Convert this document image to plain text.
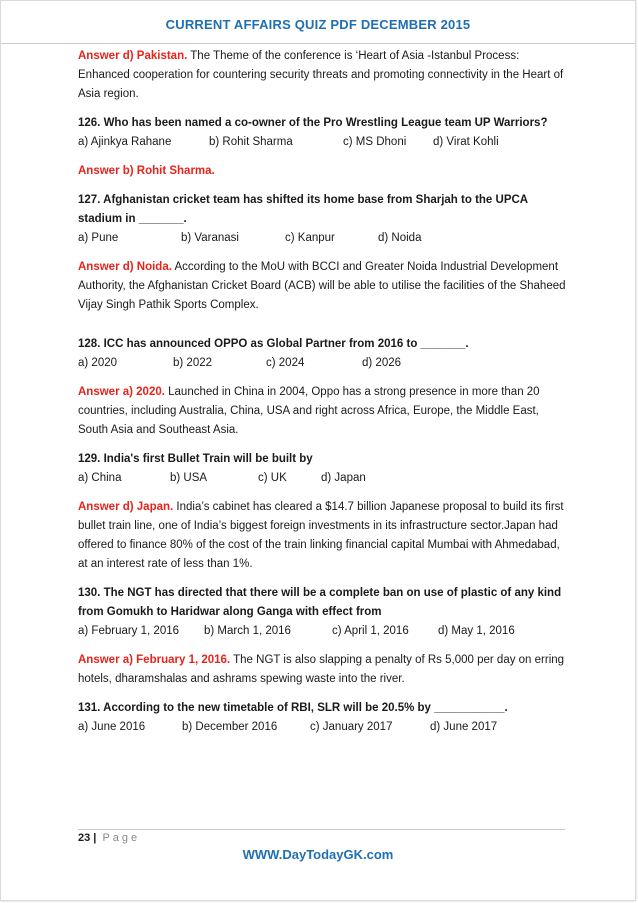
CURRENT AFFAIRS QUIZ PDF DECEMBER 2015

Answer d) Pakistan. The Theme of the conference is ‘Heart of Asia -Istanbul Process: Enhanced cooperation for countering security threats and promoting connectivity in the Heart of Asia region.

126. Who has been named a co-owner of the Pro Wrestling League team UP Warriors?

a) Ajinkya Rahane	b) Rohit Sharma	c) MS Dhoni	d) Virat Kohli

Answer b) Rohit Sharma.

127. Afghanistan cricket team has shifted its home base from Sharjah to the UPCA stadium in _______.

a) Pune	b) Varanasi	c) Kanpur	d) Noida

Answer d) Noida. According to the MoU with BCCI and Greater Noida Industrial Development Authority, the Afghanistan Cricket Board (ACB) will be able to utilise the facilities of the Shaheed Vijay Singh Pathik Sports Complex.

128. ICC has announced OPPO as Global Partner from 2016 to _______.

a) 2020	b) 2022	c) 2024	d) 2026

Answer a) 2020. Launched in China in 2004, Oppo has a strong presence in more than 20 countries, including Australia, China, USA and right across Africa, Europe, the Middle East, South Asia and Southeast Asia.

129. India's first Bullet Train will be built by

a) China	b) USA	c) UK	d) Japan

Answer d) Japan. India’s cabinet has cleared a $14.7 billion Japanese proposal to build its first bullet train line, one of India’s biggest foreign investments in its infrastructure sector.Japan had offered to finance 80% of the cost of the train linking financial capital Mumbai with Ahmedabad, at an interest rate of less than 1%.

130. The NGT has directed that there will be a complete ban on use of plastic of any kind from Gomukh to Haridwar along Ganga with effect from

a) February 1, 2016	b) March 1, 2016	c) April 1, 2016	d) May 1, 2016

Answer a) February 1, 2016. The NGT is also slapping a penalty of Rs 5,000 per day on erring hotels, dharamshalas and ashrams spewing waste into the river.

131. According to the new timetable of RBI, SLR will be 20.5% by ___________.

a) June 2016	b) December 2016	c) January 2017	d) June 2017
23 | Page
WWW.DayTodayGK.com
